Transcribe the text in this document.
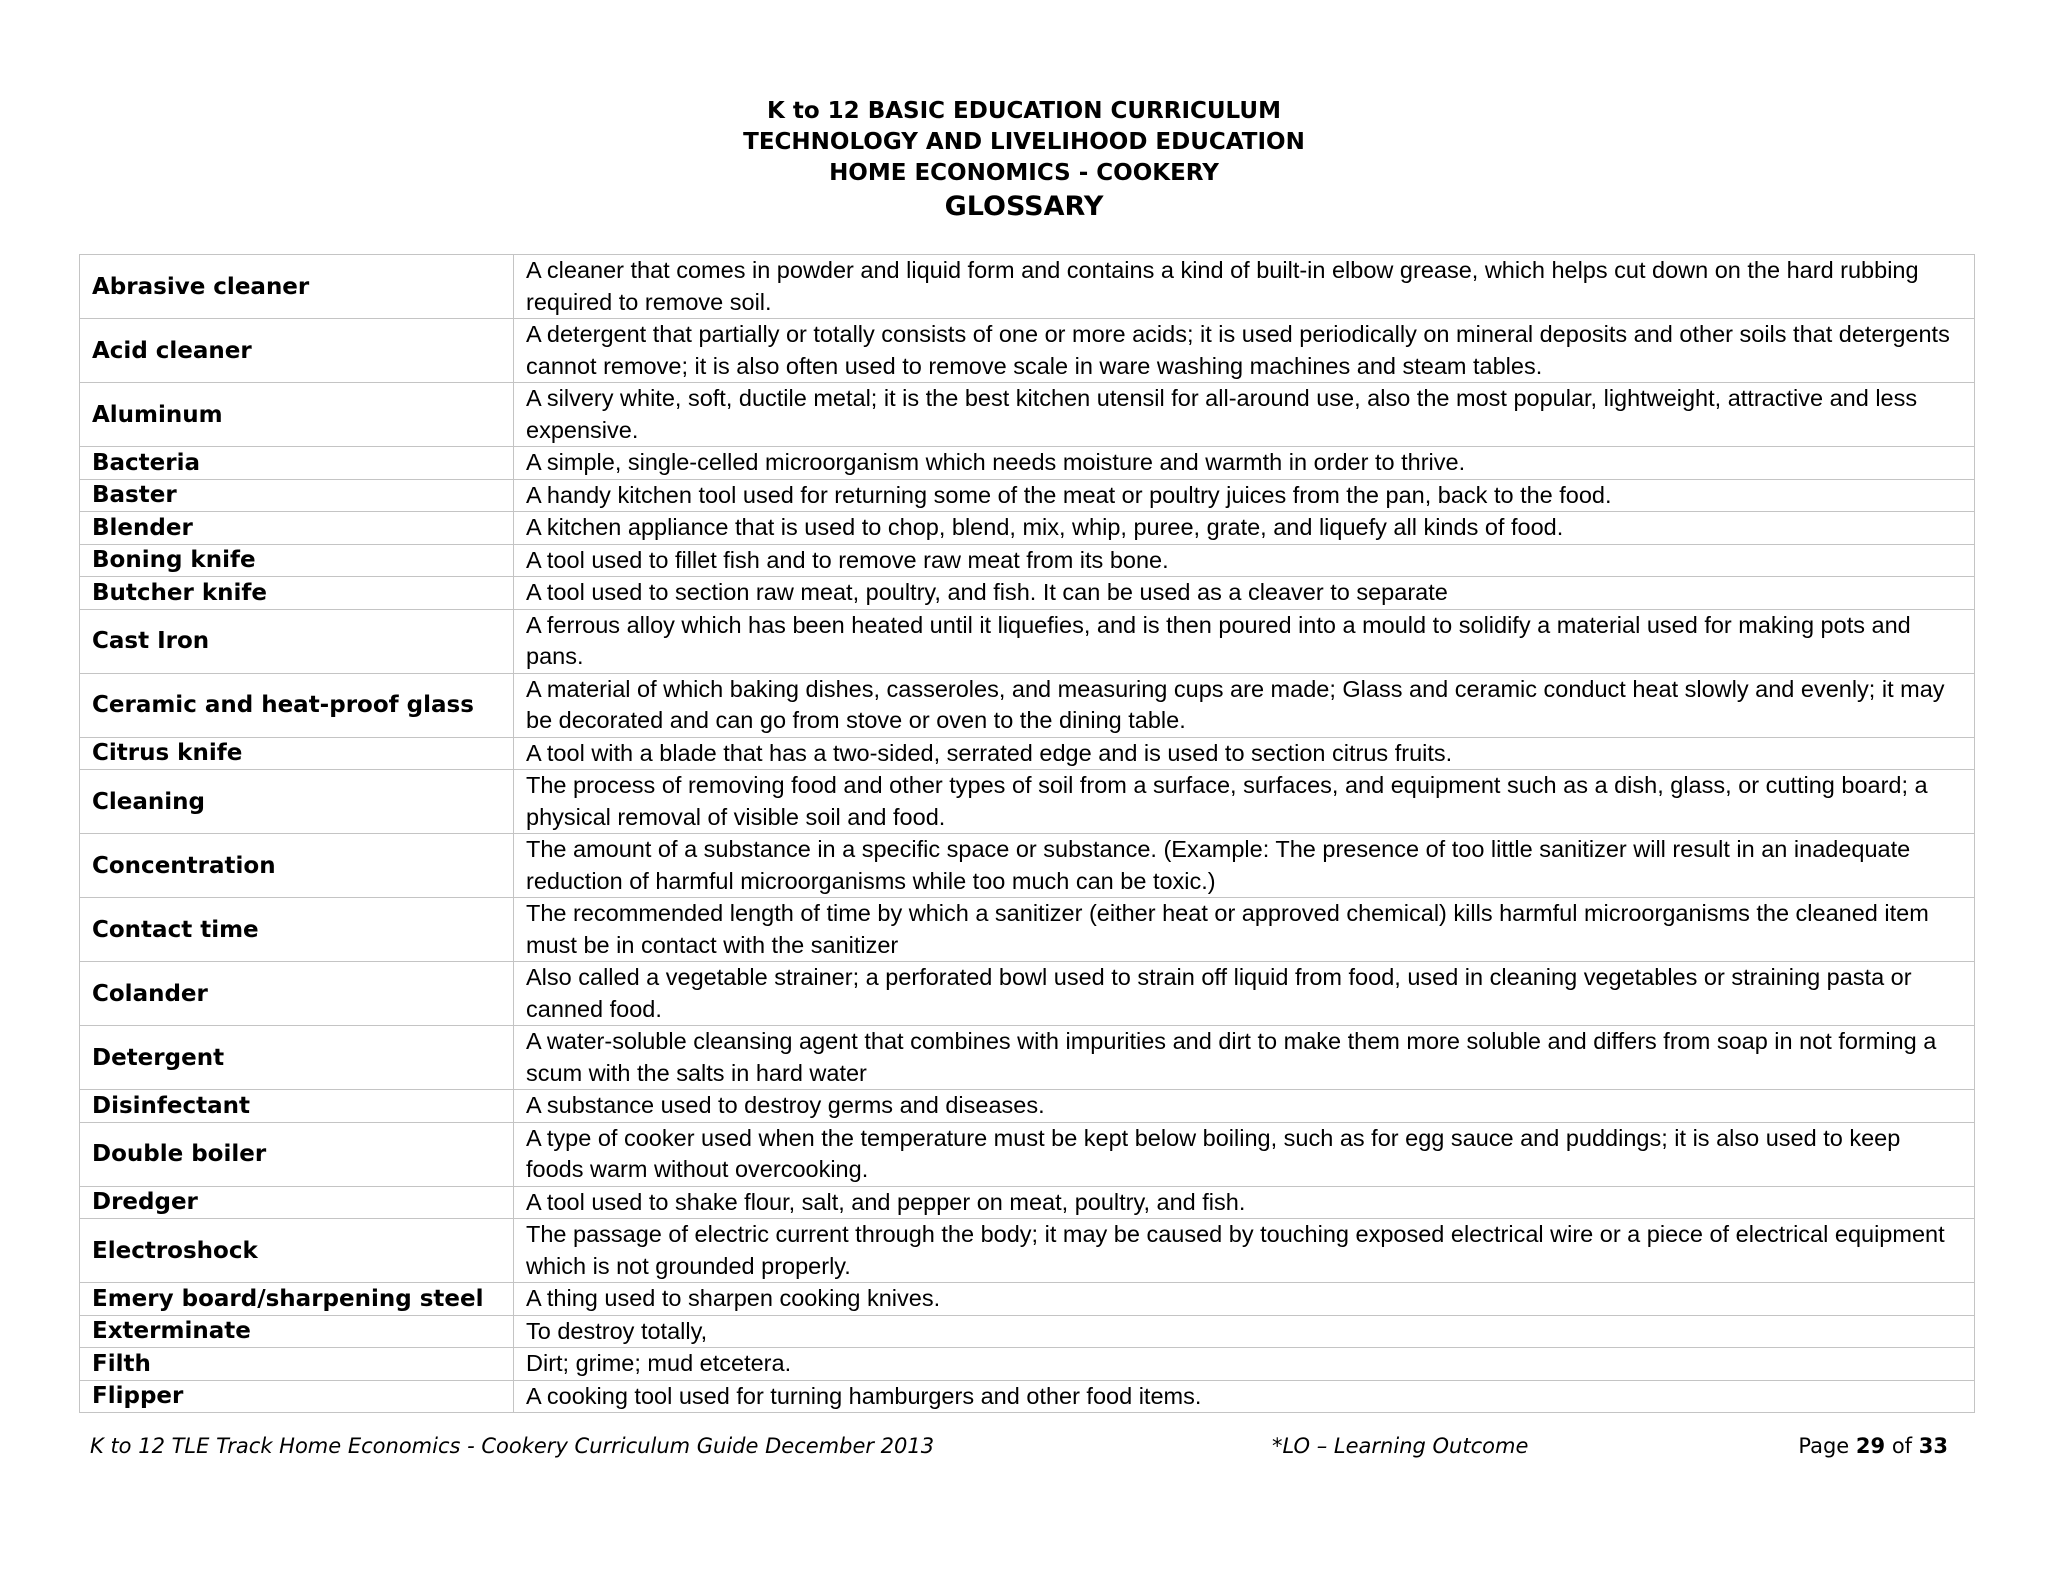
K to 12 BASIC EDUCATION CURRICULUM
TECHNOLOGY AND LIVELIHOOD EDUCATION
HOME ECONOMICS - COOKERY
GLOSSARY
Abrasive cleaner	A cleaner that comes in powder and liquid form and contains a kind of built-in elbow grease, which helps cut down on the hard rubbing required to remove soil.
Acid cleaner	A detergent that partially or totally consists of one or more acids; it is used periodically on mineral deposits and other soils that detergents cannot remove; it is also often used to remove scale in ware washing machines and steam tables.
Aluminum	A silvery white, soft, ductile metal; it is the best kitchen utensil for all-around use, also the most popular, lightweight, attractive and less expensive.
Bacteria	A simple, single-celled microorganism which needs moisture and warmth in order to thrive.
Baster	A handy kitchen tool used for returning some of the meat or poultry juices from the pan, back to the food.
Blender	A kitchen appliance that is used to chop, blend, mix, whip, puree, grate, and liquefy all kinds of food.
Boning knife	A tool used to fillet fish and to remove raw meat from its bone.
Butcher knife	A tool used to section raw meat, poultry, and fish. It can be used as a cleaver to separate
Cast Iron	A ferrous alloy which has been heated until it liquefies, and is then poured into a mould to solidify a material used for making pots and pans.
Ceramic and heat-proof glass	A material of which baking dishes, casseroles, and measuring cups are made; Glass and ceramic conduct heat slowly and evenly; it may be decorated and can go from stove or oven to the dining table.
Citrus knife	A tool with a blade that has a two-sided, serrated edge and is used to section citrus fruits.
Cleaning	The process of removing food and other types of soil from a surface, surfaces, and equipment such as a dish, glass, or cutting board; a physical removal of visible soil and food.
Concentration	The amount of a substance in a specific space or substance. (Example: The presence of too little sanitizer will result in an inadequate reduction of harmful microorganisms while too much can be toxic.)
Contact time	The recommended length of time by which a sanitizer (either heat or approved chemical) kills harmful microorganisms the cleaned item must be in contact with the sanitizer
Colander	Also called a vegetable strainer; a perforated bowl used to strain off liquid from food, used in cleaning vegetables or straining pasta or canned food.
Detergent	A water-soluble cleansing agent that combines with impurities and dirt to make them more soluble and differs from soap in not forming a scum with the salts in hard water
Disinfectant	A substance used to destroy germs and diseases.
Double boiler	A type of cooker used when the temperature must be kept below boiling, such as for egg sauce and puddings; it is also used to keep foods warm without overcooking.
Dredger	A tool used to shake flour, salt, and pepper on meat, poultry, and fish.
Electroshock	The passage of electric current through the body; it may be caused by touching exposed electrical wire or a piece of electrical equipment which is not grounded properly.
Emery board/sharpening steel	A thing used to sharpen cooking knives.
Exterminate	To destroy totally,
Filth	Dirt; grime; mud etcetera.
Flipper	A cooking tool used for turning hamburgers and other food items.
K to 12 TLE Track Home Economics - Cookery Curriculum Guide December 2013	*LO – Learning Outcome	Page 29 of 33
